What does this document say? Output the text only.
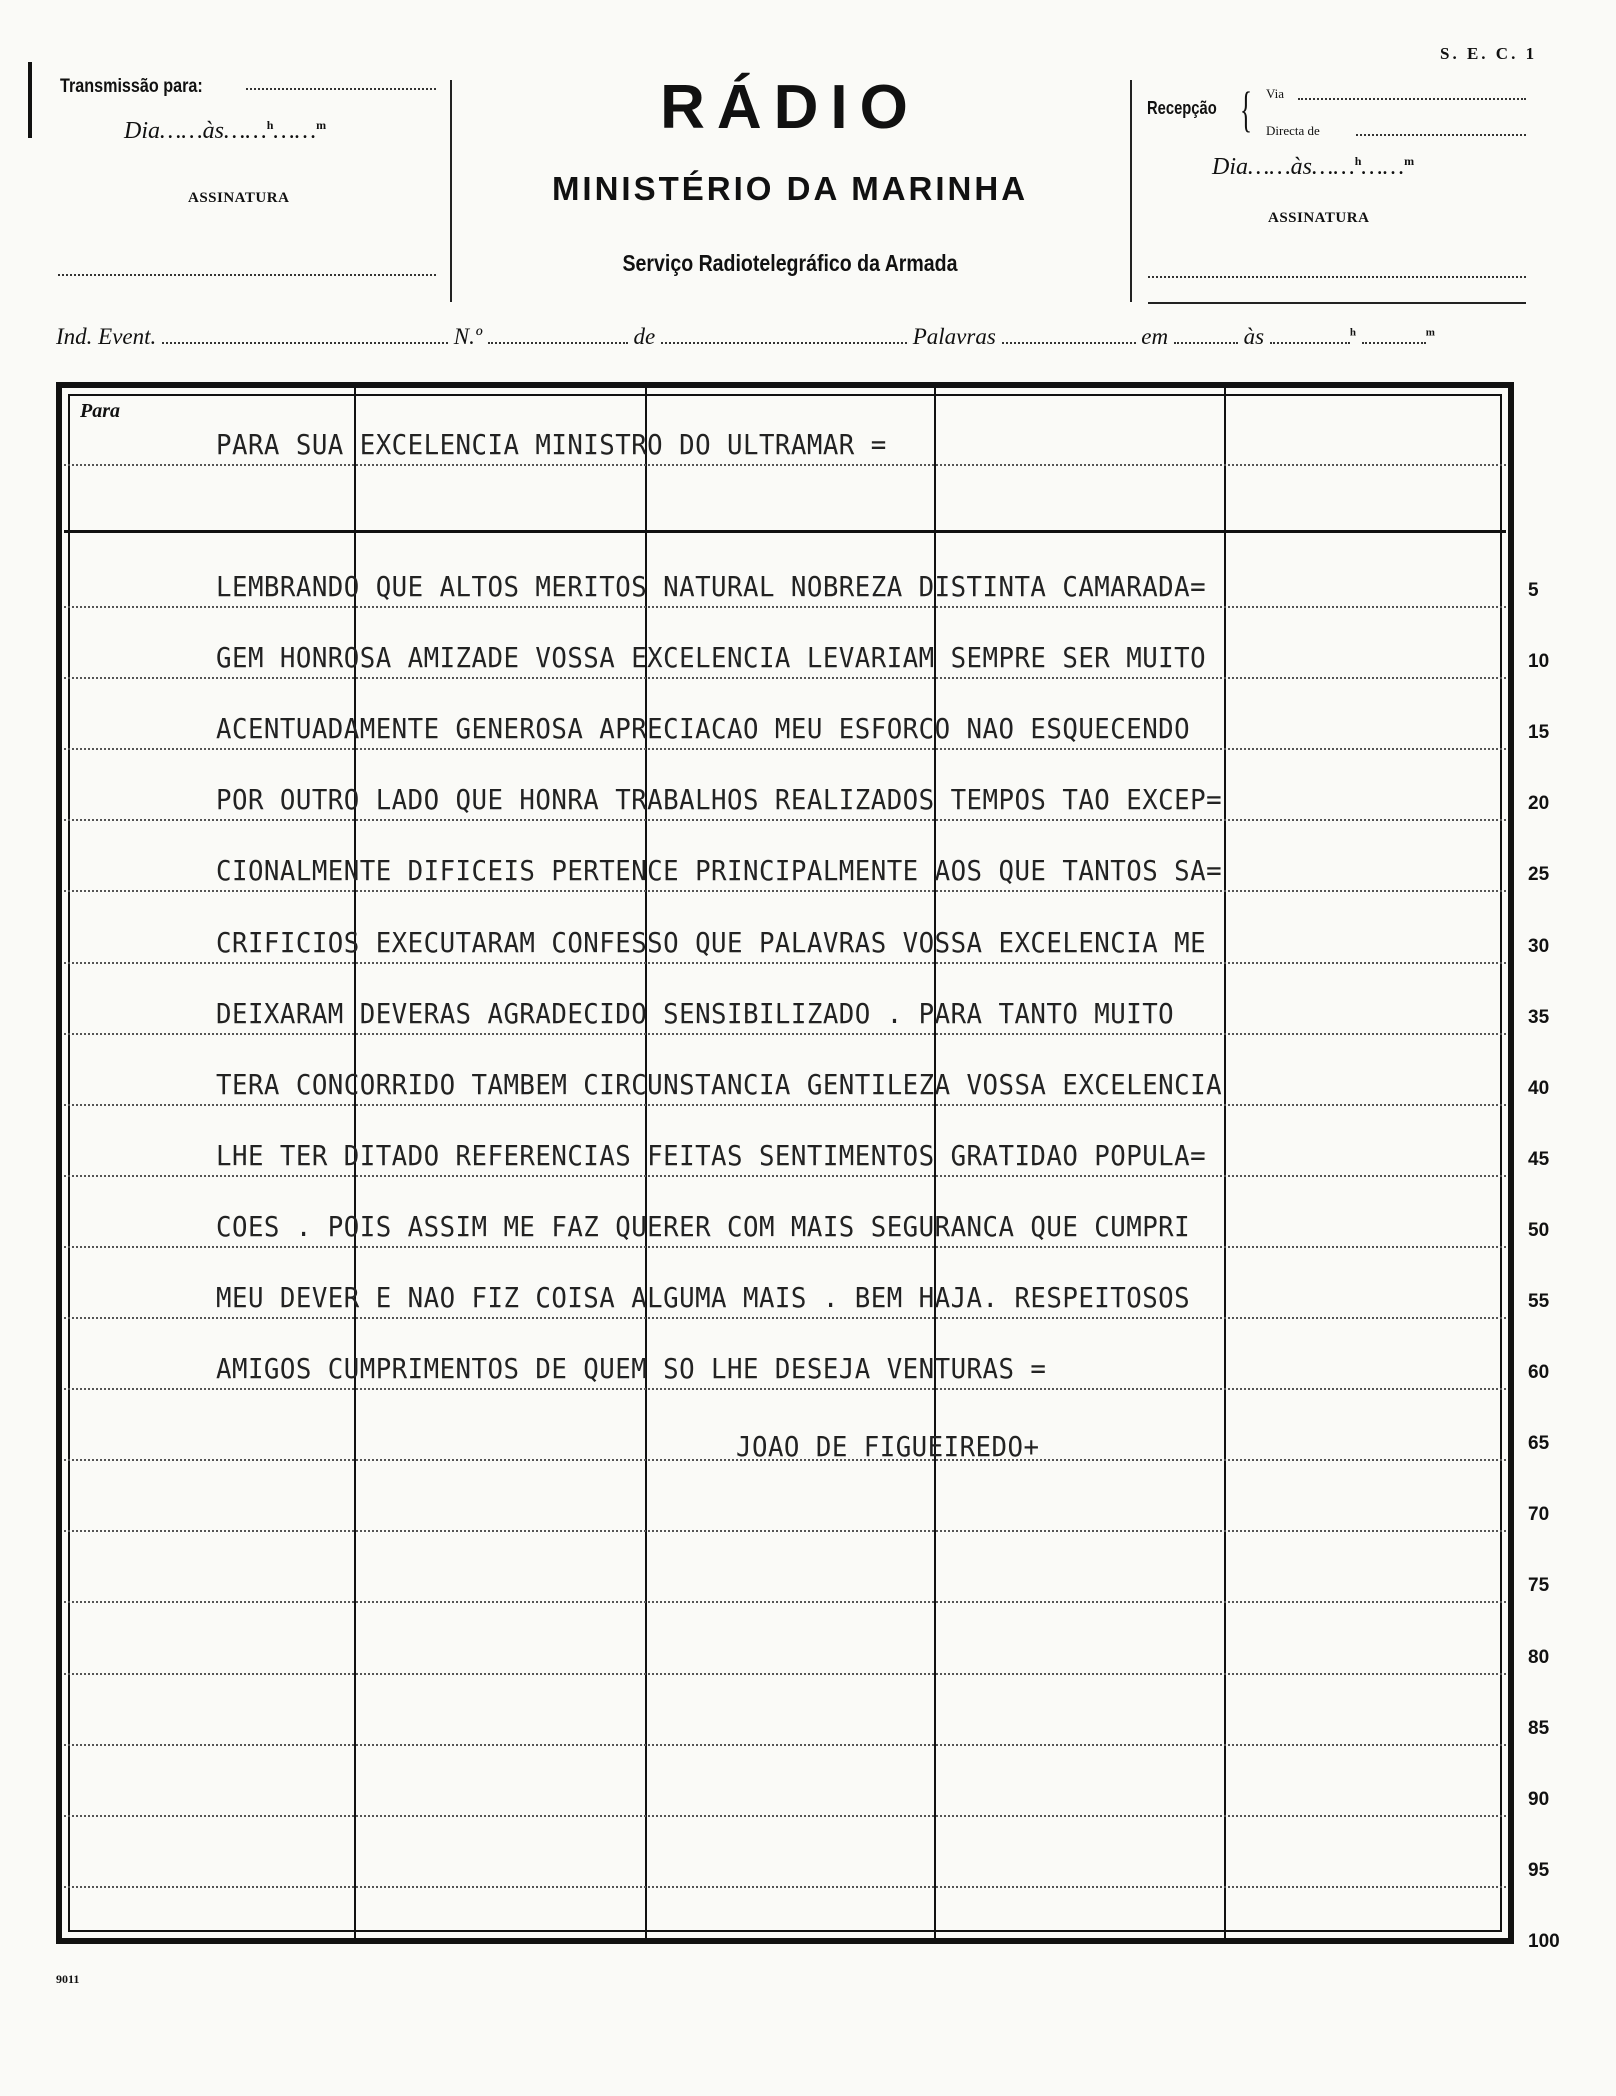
S. E. C. 1
Transmissão para:
Dia……às……$^h$……$^m$
ASSINATURA
RÁDIO
MINISTÉRIO DA MARINHA
Serviço Radiotelegráfico da Armada
Recepção { Via
Directa de
Dia……às……$^h$……$^m$
ASSINATURA
Ind. Event.	N.º	de	Palavras	em	às	$^h$	$^m$
Para
PARA SUA EXCELENCIA MINISTRO DO ULTRAMAR =
LEMBRANDO QUE ALTOS MERITOS NATURAL NOBREZA DISTINTA CAMARADA=
GEM HONROSA AMIZADE VOSSA EXCELENCIA LEVARIAM SEMPRE SER MUITO
ACENTUADAMENTE GENEROSA APRECIACAO MEU ESFORCO NAO ESQUECENDO
POR OUTRO LADO QUE HONRA TRABALHOS REALIZADOS TEMPOS TAO EXCEP=
CIONALMENTE DIFICEIS PERTENCE PRINCIPALMENTE AOS QUE TANTOS SA=
CRIFICIOS EXECUTARAM CONFESSO QUE PALAVRAS VOSSA EXCELENCIA ME
DEIXARAM DEVERAS AGRADECIDO SENSIBILIZADO . PARA TANTO MUITO
TERA CONCORRIDO TAMBEM CIRCUNSTANCIA GENTILEZA VOSSA EXCELENCIA
LHE TER DITADO REFERENCIAS FEITAS SENTIMENTOS GRATIDAO POPULA=
COES . POIS ASSIM ME FAZ QUERER COM MAIS SEGURANCA QUE CUMPRI
MEU DEVER E NAO FIZ COISA ALGUMA MAIS . BEM HAJA. RESPEITOSOS
AMIGOS CUMPRIMENTOS DE QUEM SO LHE DESEJA VENTURAS =
JOAO DE FIGUEIREDO+
5
10
15
20
25
30
35
40
45
50
55
60
65
70
75
80
85
90
95
100
9011
